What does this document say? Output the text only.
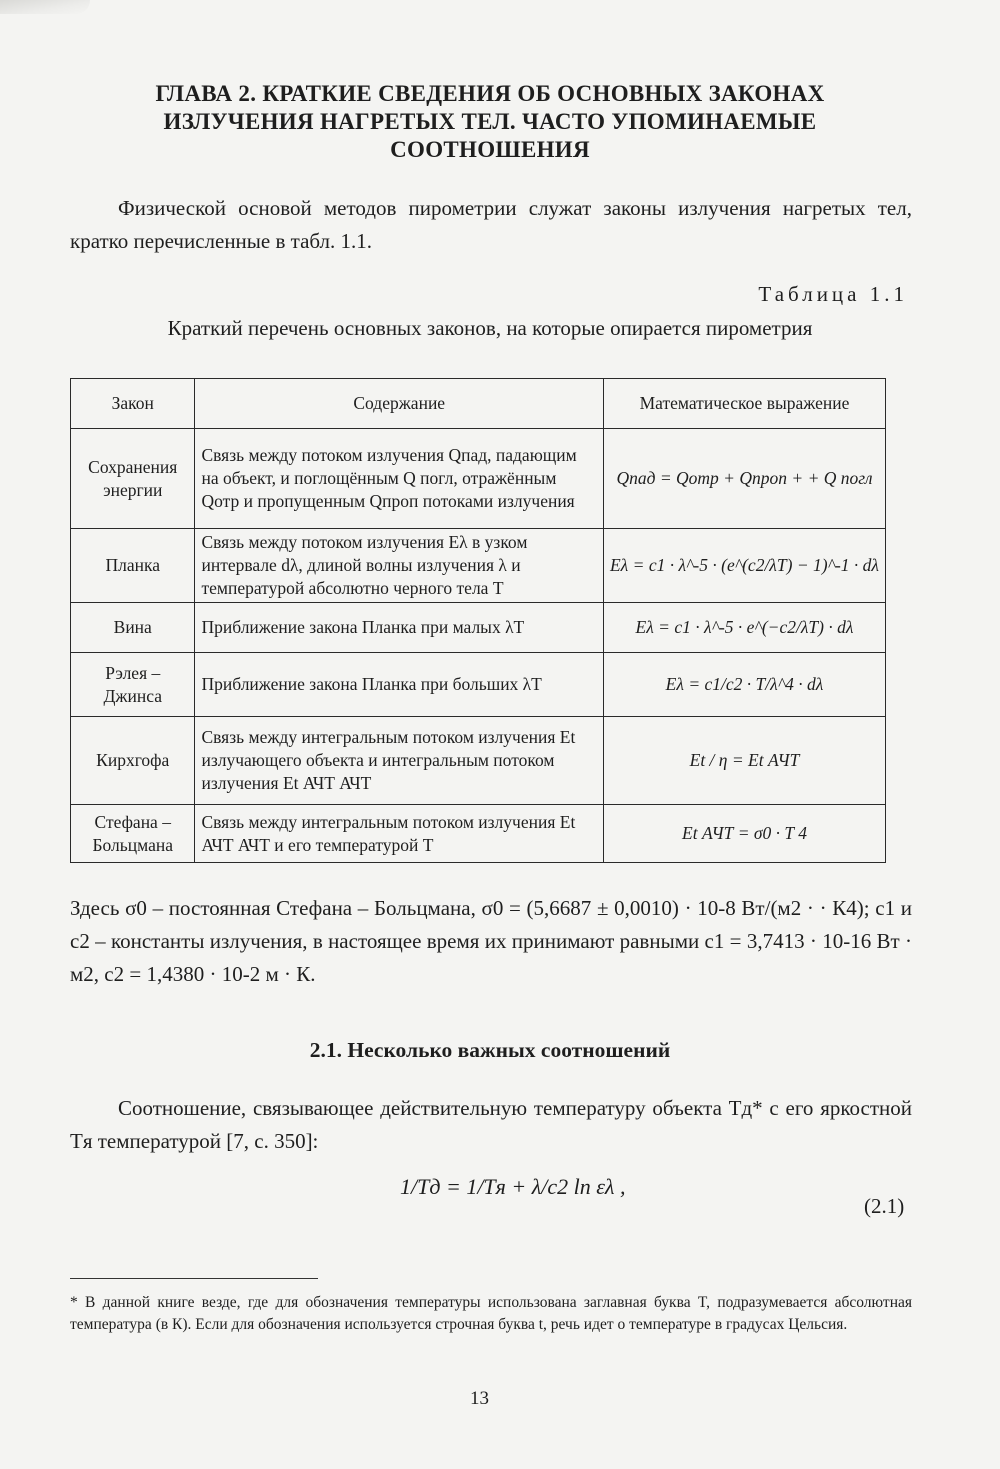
ГЛАВА 2. КРАТКИЕ СВЕДЕНИЯ ОБ ОСНОВНЫХ ЗАКОНАХ
ИЗЛУЧЕНИЯ НАГРЕТЫХ ТЕЛ. ЧАСТО УПОМИНАЕМЫЕ
СООТНОШЕНИЯ
Физической основой методов пирометрии служат законы излучения нагретых тел, кратко перечисленные в табл. 1.1.
Таблица 1.1
Краткий перечень основных законов, на которые опирается пирометрия
Закон	Содержание	Математическое выражение
Сохранения энергии	Связь между потоком излучения Qпад, падающим на объект, и поглощённым Q погл, отражённым Qотр и пропущенным Qпроп потоками излучения	Qпад = Qотр + Qпроп + + Q погл
Планка	Связь между потоком излучения Eλ в узком интервале dλ, длиной волны излучения λ и температурой абсолютно черного тела T	Eλ = c1 · λ^-5 · (e^(c2/λT) − 1)^-1 · dλ
Вина	Приближение закона Планка при малых λT	Eλ = c1 · λ^-5 · e^(−c2/λT) · dλ
Рэлея – Джинса	Приближение закона Планка при больших λT	Eλ = c1/c2 · T/λ^4 · dλ
Кирхгофа	Связь между интегральным потоком излучения Et излучающего объекта и интегральным потоком излучения Et АЧТ АЧТ	Et / η = Et АЧТ
Стефана – Больцмана	Связь между интегральным потоком излучения Et АЧТ АЧТ и его температурой T	Et АЧТ = σ0 · T 4
Здесь σ0 – постоянная Стефана – Больцмана, σ0 = (5,6687 ± 0,0010) · 10-8 Вт/(м2 · · К4); c1 и c2 – константы излучения, в настоящее время их принимают равными c1 = 3,7413 · 10-16 Вт · м2, c2 = 1,4380 · 10-2 м · К.
2.1. Несколько важных соотношений
Соотношение, связывающее действительную температуру объекта Tд* с его яркостной Tя температурой [7, с. 350]:
1/Tд = 1/Tя + λ/c2 ln ελ ,
(2.1)
* В данной книге везде, где для обозначения температуры использована заглавная буква T, подразумевается абсолютная температура (в К). Если для обозначения используется строчная буква t, речь идет о температуре в градусах Цельсия.
13
